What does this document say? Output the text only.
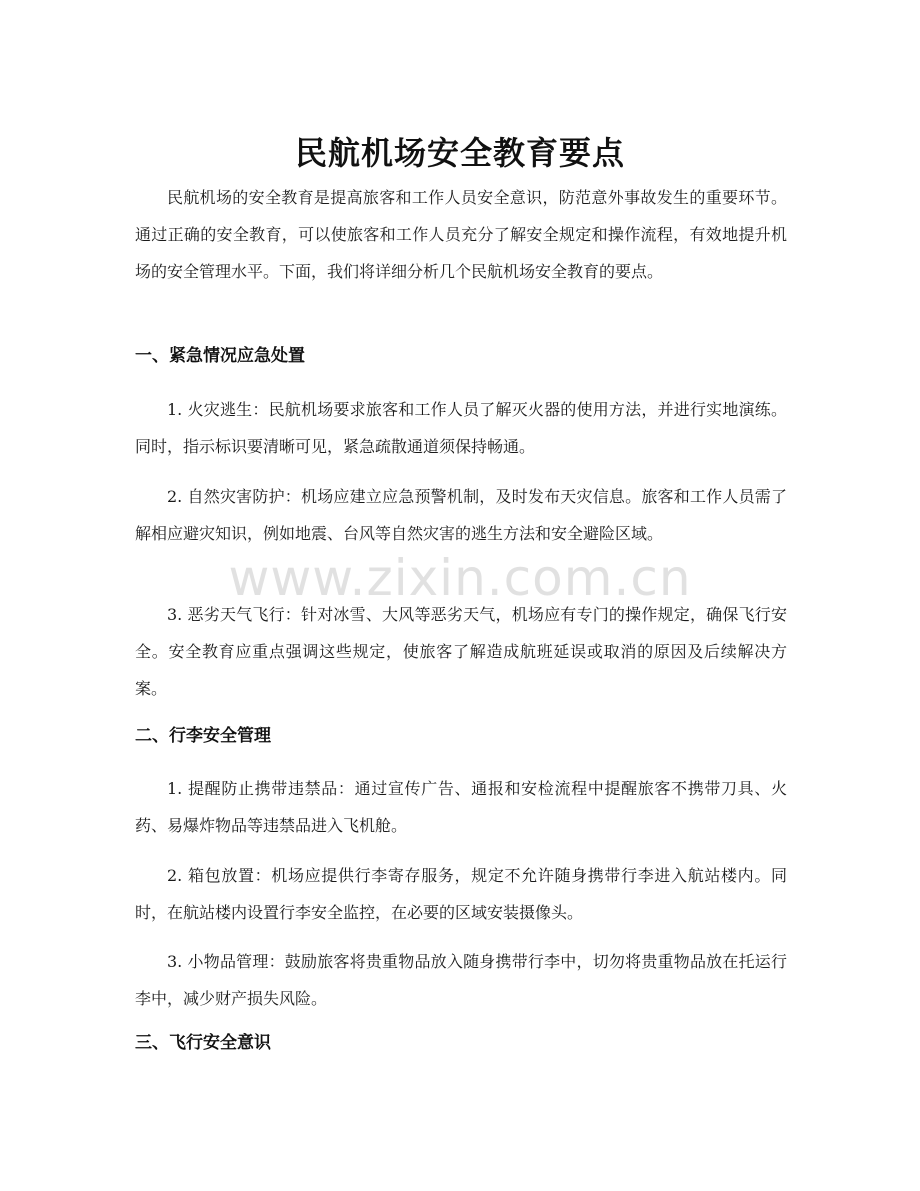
民航机场安全教育要点

民航机场的安全教育是提高旅客和工作人员安全意识，防范意外事故发生的重要环节。通过正确的安全教育，可以使旅客和工作人员充分了解安全规定和操作流程，有效地提升机场的安全管理水平。下面，我们将详细分析几个民航机场安全教育的要点。

一、紧急情况应急处置

1. 火灾逃生：民航机场要求旅客和工作人员了解灭火器的使用方法，并进行实地演练。同时，指示标识要清晰可见，紧急疏散通道须保持畅通。

2. 自然灾害防护：机场应建立应急预警机制，及时发布天灾信息。旅客和工作人员需了解相应避灾知识，例如地震、台风等自然灾害的逃生方法和安全避险区域。

3. 恶劣天气飞行：针对冰雪、大风等恶劣天气，机场应有专门的操作规定，确保飞行安全。安全教育应重点强调这些规定，使旅客了解造成航班延误或取消的原因及后续解决方案。

二、行李安全管理

1. 提醒防止携带违禁品：通过宣传广告、通报和安检流程中提醒旅客不携带刀具、火药、易爆炸物品等违禁品进入飞机舱。

2. 箱包放置：机场应提供行李寄存服务，规定不允许随身携带行李进入航站楼内。同时，在航站楼内设置行李安全监控，在必要的区域安装摄像头。

3. 小物品管理：鼓励旅客将贵重物品放入随身携带行李中，切勿将贵重物品放在托运行李中，减少财产损失风险。

三、飞行安全意识
www.zixin.com.cn
